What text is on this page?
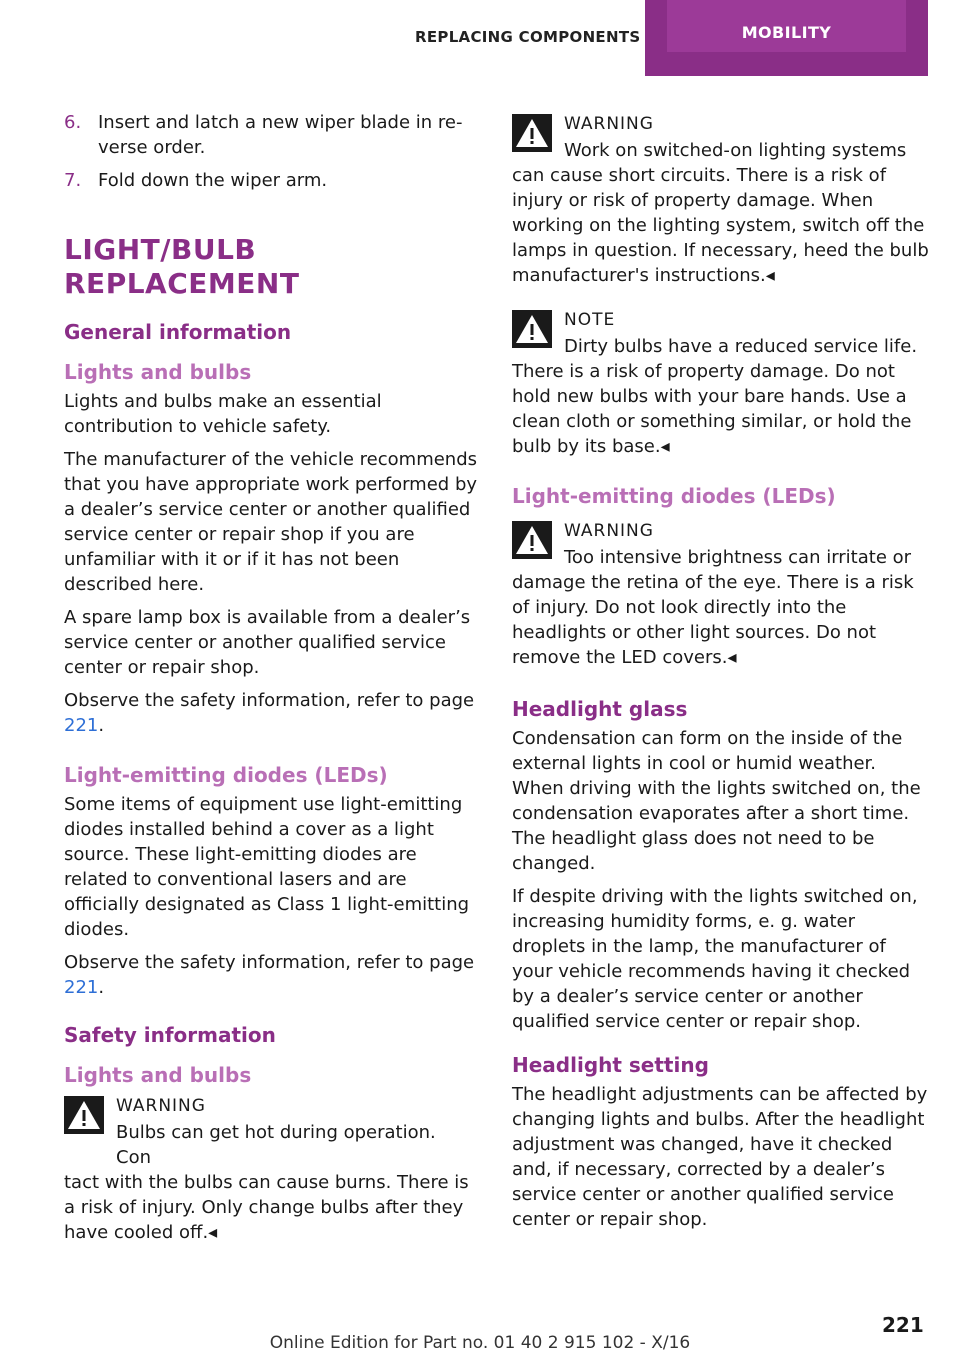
REPLACING COMPONENTS	MOBILITY
6. Insert and latch a new wiper blade in reverse order.
7. Fold down the wiper arm.
LIGHT/BULB REPLACEMENT
General information
Lights and bulbs

Lights and bulbs make an essential contribution to vehicle safety.

The manufacturer of the vehicle recommends that you have appropriate work performed by a dealer’s service center or another qualified service center or repair shop if you are unfamiliar with it or if it has not been described here.

A spare lamp box is available from a dealer’s service center or another qualified service center or repair shop.

Observe the safety information, refer to page 221.

Light-emitting diodes (LEDs)

Some items of equipment use light-emitting diodes installed behind a cover as a light source. These light-emitting diodes are related to conventional lasers and are officially designated as Class 1 light-emitting diodes.

Observe the safety information, refer to page 221.

Safety information
Lights and bulbs
WARNING
Bulbs can get hot during operation. Con
tact with the bulbs can cause burns. There is a risk of injury. Only change bulbs after they have cooled off.◂
WARNING
Work on switched-on lighting systems
can cause short circuits. There is a risk of injury or risk of property damage. When working on the lighting system, switch off the lamps in question. If necessary, heed the bulb manufacturer's instructions.◂
NOTE
Dirty bulbs have a reduced service life.
There is a risk of property damage. Do not hold new bulbs with your bare hands. Use a clean cloth or something similar, or hold the bulb by its base.◂
Light-emitting diodes (LEDs)
WARNING
Too intensive brightness can irritate or
damage the retina of the eye. There is a risk of injury. Do not look directly into the headlights or other light sources. Do not remove the LED covers.◂
Headlight glass

Condensation can form on the inside of the external lights in cool or humid weather. When driving with the lights switched on, the condensation evaporates after a short time. The headlight glass does not need to be changed.

If despite driving with the lights switched on, increasing humidity forms, e. g. water droplets in the lamp, the manufacturer of your vehicle recommends having it checked by a dealer’s service center or another qualified service center or repair shop.

Headlight setting

The headlight adjustments can be affected by changing lights and bulbs. After the headlight adjustment was changed, have it checked and, if necessary, corrected by a dealer’s service center or another qualified service center or repair shop.

221
Online Edition for Part no. 01 40 2 915 102 - X/16
